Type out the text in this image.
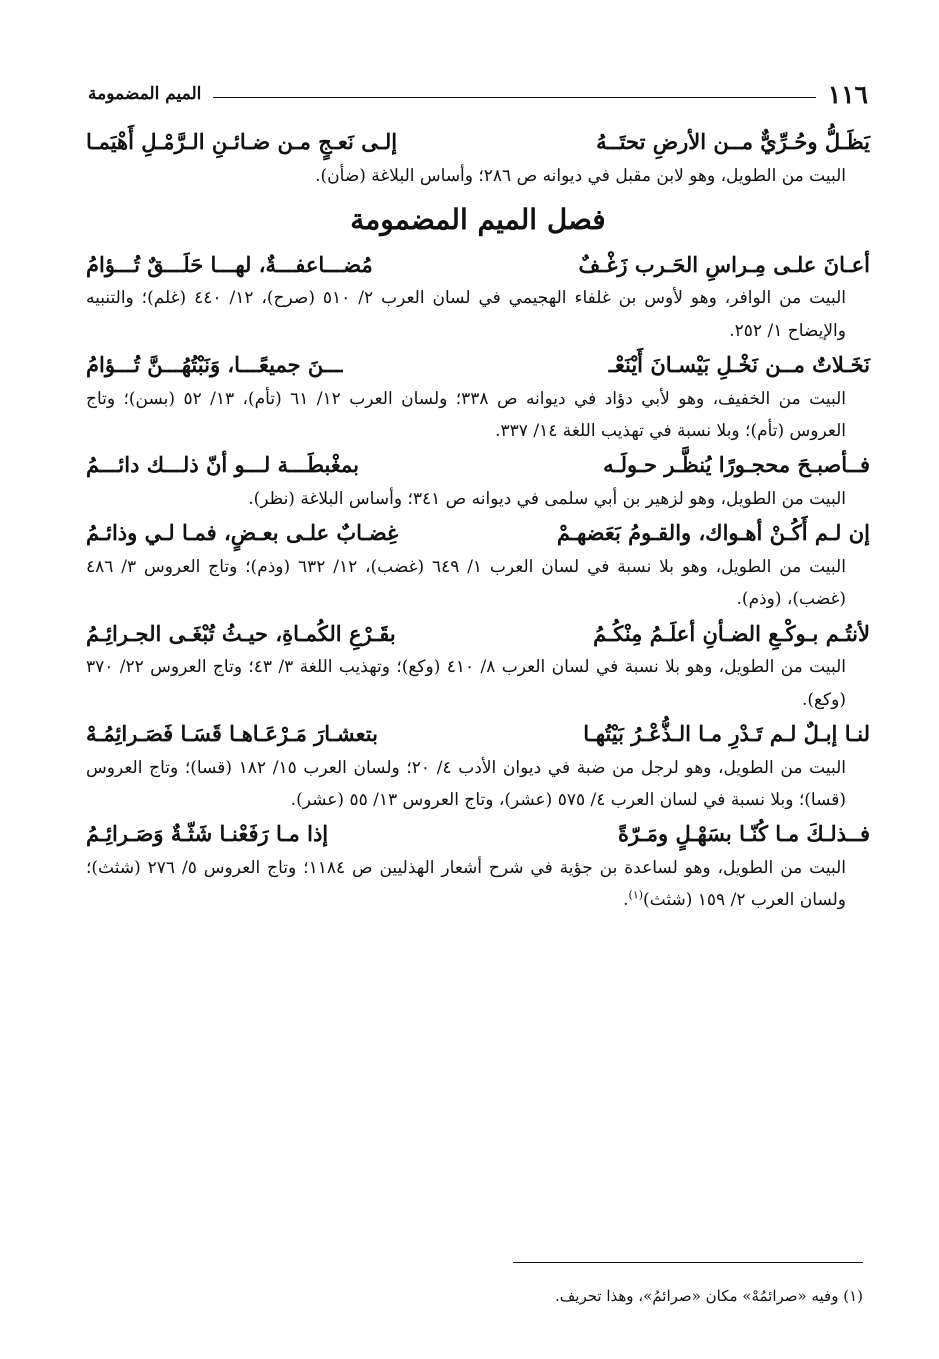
١١٦
الميم المضمومة
يَظَـلُّ وحُـرِّيٌّ مــن الأرضِ تحتَــهُ
إلـى نَعـجٍ مـن ضـائـنِ الـرَّمْـلِ أَهْيَمـا

البيت من الطويل، وهو لابن مقبل في ديوانه ص ٢٨٦؛ وأساس البلاغة (ضأن).

فصل الميم المضمومة
أعـانَ علـى مِـراسِ الحَـرب زَغْـفٌ
مُضـــاعفـــةٌ، لهـــا حَلَـــقٌ تُـــؤامُ

البيت من الوافر، وهو لأوس بن غلفاء الهجيمي في لسان العرب ٢/ ٥١٠ (صرح)، ١٢/ ٤٤٠ (غلم)؛ والتنبيه والإيضاح ١/ ٢٥٢.

نَخَـلاتٌ مــن نَخْـلِ بَيْسـانَ أَيْنَعْـ
ـــنَ جميعًـــا، وَنَبْتُهُـــنَّ تُـــؤامُ

البيت من الخفيف، وهو لأبي دؤاد في ديوانه ص ٣٣٨؛ ولسان العرب ١٢/ ٦١ (تأم)، ١٣/ ٥٢ (بسن)؛ وتاج العروس (تأم)؛ وبلا نسبة في تهذيب اللغة ١٤/ ٣٣٧.

فــأصبـحَ محجـورًا يُنظَّـر حـولَـه
بمغْبطَـــة لـــو أنّ ذلـــك دائـــمُ

البيت من الطويل، وهو لزهير بن أبي سلمى في ديوانه ص ٣٤١؛ وأساس البلاغة (نظر).

إن لـم أَكُـنْ أهـواك، والقـومُ بَعَضهـمْ
غِضـابٌ علـى بعـضٍ، فمـا لـي وذائـمُ

البيت من الطويل، وهو بلا نسبة في لسان العرب ١/ ٦٤٩ (غضب)، ١٢/ ٦٣٢ (وذم)؛ وتاج العروس ٣/ ٤٨٦ (غضب)، (وذم).

لأنتُـم بـوكْـعِ الضـأنِ أعلَـمُ مِنْكُـمُ
بقَـرْعِ الكُمـاةِ، حيـثُ تُبْغَـى الجـرائِـمُ

البيت من الطويل، وهو بلا نسبة في لسان العرب ٨/ ٤١٠ (وكع)؛ وتهذيب اللغة ٣/ ٤٣؛ وتاج العروس ٢٢/ ٣٧٠ (وكع).

لنـا إبـلٌ لـم تَـدْرِ مـا الـذُّعْـرُ بَيْتُهـا
بتعشـارَ مَـرْعَـاهـا قَسَـا فَصَـرائِمُـهْ

البيت من الطويل، وهو لرجل من ضبة في ديوان الأدب ٤/ ٢٠؛ ولسان العرب ١٥/ ١٨٢ (قسا)؛ وتاج العروس (قسا)؛ وبلا نسبة في لسان العرب ٤/ ٥٧٥ (عشر)، وتاج العروس ١٣/ ٥٥ (عشر).

فــذلـكَ مـا كُنّـا بسَهْـلٍ ومَـرّةً
إذا مـا رَفَعْنـا شَثّـةٌ وَصَـرائِـمُ

البيت من الطويل، وهو لساعدة بن جؤية في شرح أشعار الهذليين ص ١١٨٤؛ وتاج العروس ٥/ ٢٧٦ (شثث)؛ ولسان العرب ٢/ ١٥٩ (شثث)$^{(١)}$.

(١) وفيه «صرائمُهْ» مكان «صرائمُ»، وهذا تحريف.
